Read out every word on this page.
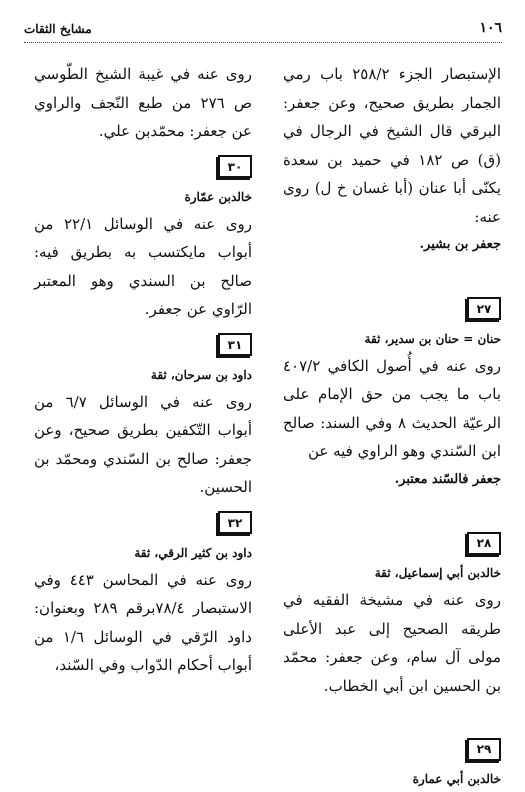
١٠٦
مشايخ الثقات

الإستبصار الجزء ٢٥٨/٢ باب رمي الجمار بطريق صحيح، وعن جعفر: البرقي قال الشيخ في الرجال في (ق) ص ١٨٢ في حميد بن سعدة يكنّى أبا عنان (أبا غسان خ ل) روى عنه:
جعفر بن بشير.

٢٧
حنان = حنان بن سدير، ثقة

روى عنه في أُصول الكافي ٤٠٧/٢ باب ما يجب من حق الإمام على الرعيّة الحديث ٨ وفي السند: صالح ابن السّندي وهو الراوي فيه عن
جعفر فالسّند معتبر.

٢٨
خالدبن أبي إسماعيل، ثقة

روى عنه في مشيخة الفقيه في طريقه الصحيح إلى عبد الأعلى مولى آل سام، وعن جعفر: محمّد بن الحسين ابن أبي الخطاب.

٢٩
خالدبن أبي عمارة

روى عنه في غيبة الشيخ الطّوسي ص ٢٧٦ من طبع النّجف والراوي عن جعفر: محمّدبن علي.

٣٠
خالدبن عمّارة

روى عنه في الوسائل ٢٢/١ من أبواب مايكتسب به بطريق فيه: صالح بن السندي وهو المعتبر الرّاوي عن جعفر.

٣١
داود بن سرحان، ثقة

روى عنه في الوسائل ٦/٧ من أبواب التّكفين بطريق صحيح، وعن جعفر: صالح بن السّندي ومحمّد بن الحسين.

٣٢
داود بن كثير الرقي، ثقة

روى عنه في المحاسن ٤٤٣ وفي الاستبصار ٧٨/٤برقم ٢٨٩ وبعنوان: داود الرّقي في الوسائل ١/٦ من أبواب أحكام الدّواب وفي السّند،
